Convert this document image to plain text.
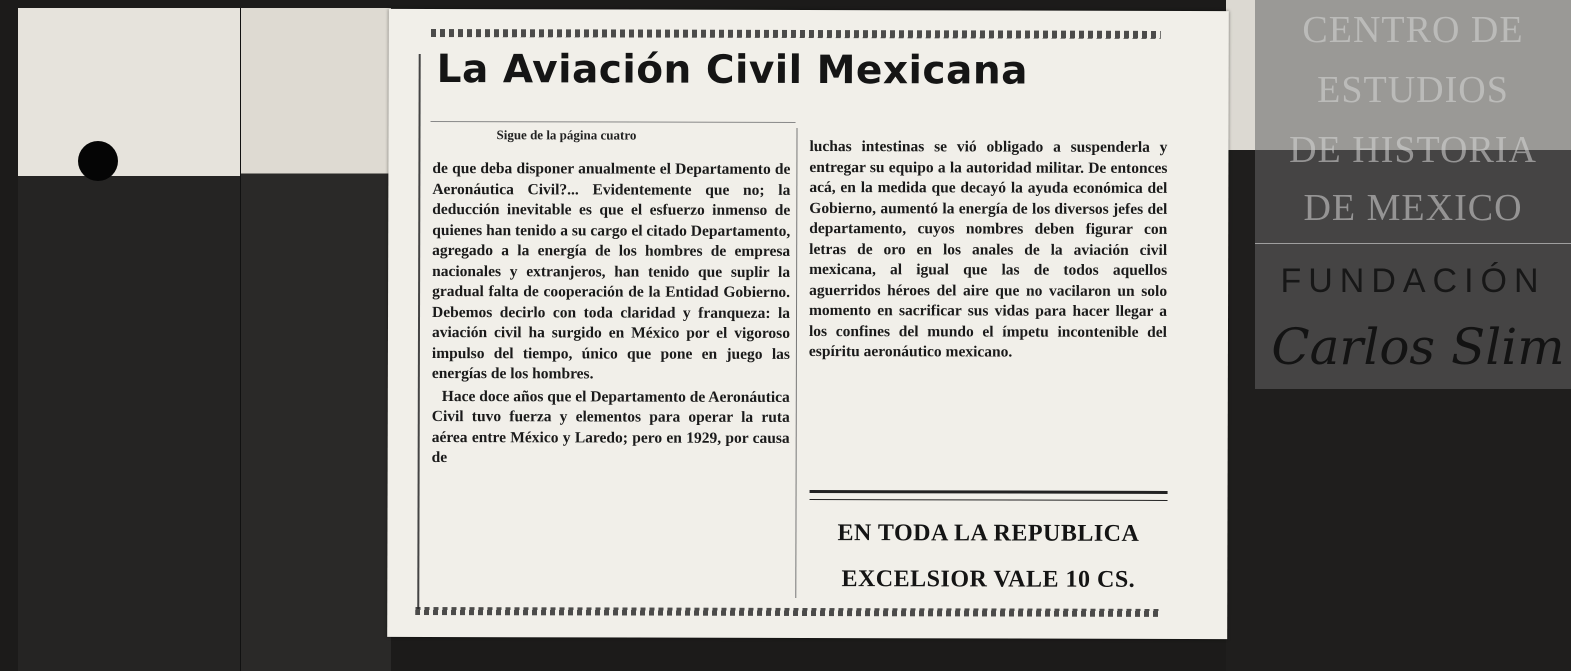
La Aviación Civil Mexicana
Sigue de la página cuatro

de que deba disponer anualmente el Departamento de Aeronáutica Civil?... Evidentemente que no; la deducción inevitable es que el esfuerzo inmenso de quienes han tenido a su cargo el citado Departamento, agregado a la energía de los hombres de empresa nacionales y extranjeros, han tenido que suplir la gradual falta de cooperación de la Entidad Gobierno. Debemos decirlo con toda claridad y franqueza: la aviación civil ha surgido en México por el vigoroso impulso del tiempo, único que pone en juego las energías de los hombres.

Hace doce años que el Departamento de Aeronáutica Civil tuvo fuerza y elementos para operar la ruta aérea entre México y Laredo; pero en 1929, por causa de

luchas intestinas se vió obligado a suspenderla y entregar su equipo a la autoridad militar. De entonces acá, en la medida que decayó la ayuda económica del Gobierno, aumentó la energía de los diversos jefes del departamento, cuyos nombres deben figurar con letras de oro en los anales de la aviación civil mexicana, al igual que las de todos aquellos aguerridos héroes del aire que no vacilaron un solo momento en sacrificar sus vidas para hacer llegar a los confines del mundo el ímpetu incontenible del espíritu aeronáutico mexicano.

EN TODA LA REPUBLICA
EXCELSIOR VALE 10 CS.
CENTRO DE
ESTUDIOS
DE HISTORIA
DE MEXICO
FUNDACIÓN
Carlos Slim
